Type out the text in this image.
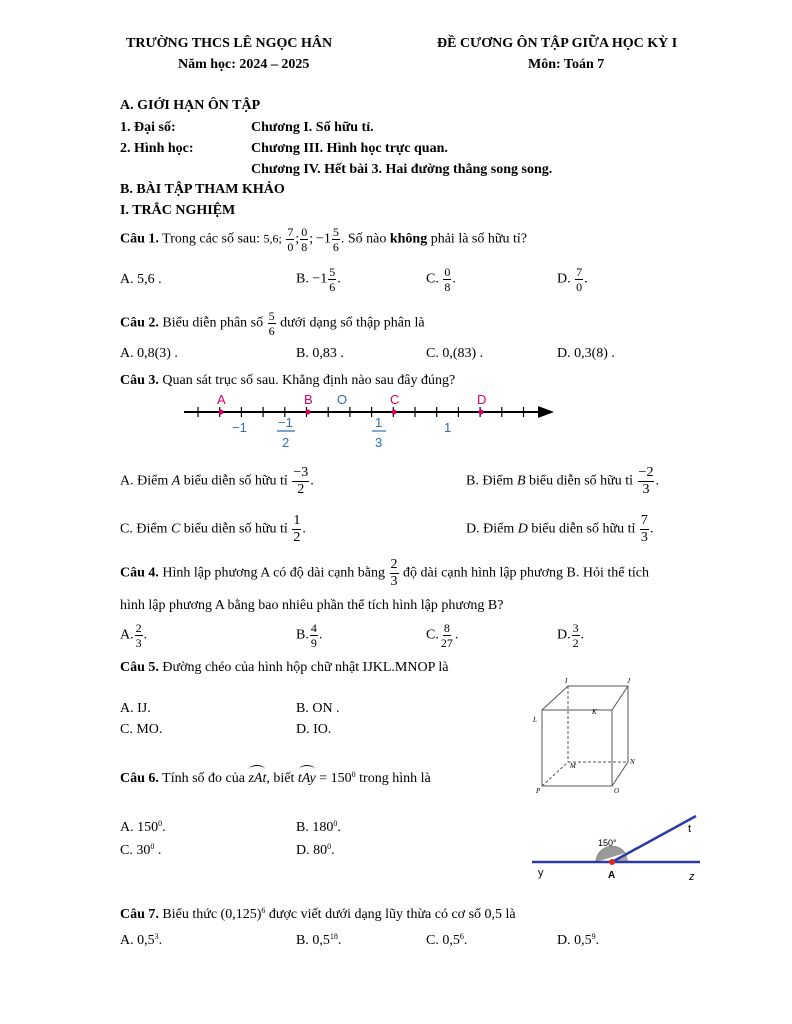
TRƯỜNG THCS LÊ NGỌC HÂN
Năm học: 2024 – 2025
ĐỀ CƯƠNG ÔN TẬP GIỮA HỌC KỲ I
Môn: Toán 7
A. GIỚI HẠN ÔN TẬP
1. Đại số:	Chương I. Số hữu tỉ.
2. Hình học:	Chương III. Hình học trực quan.
Chương IV. Hết bài 3. Hai đường thẳng song song.
B. BÀI TẬP THAM KHẢO
I. TRẮC NGHIỆM
Câu 1. Trong các số sau: 5,6; $\frac{7}{0}$ ; $\frac{0}{8}$ ; $-1 \frac{5}{6}$ . Số nào không phải là số hữu tỉ?
A. 5,6 .	B. $-1 \frac{5}{6}$ .	C. $\frac{0}{8}$ .	D. $\frac{7}{0}$ .
Câu 2. Biểu diễn phân số $\frac{5}{6}$ dưới dạng số thập phân là
A. 0,8(3) .	B. 0,83 .	C. 0,(83) .	D. 0,3(8) .
Câu 3. Quan sát trục số sau. Khẳng định nào sau đây đúng?
A	B O	C	D
−1 −1
2
1
3
1
A. Điểm A biểu diễn số hữu tỉ $\frac{-3}{2}$ .	B. Điểm B biểu diễn số hữu tỉ $\frac{-2}{3}$ .
C. Điểm C biểu diễn số hữu tỉ $\frac{1}{2}$ .	D. Điểm D biểu diễn số hữu tỉ $\frac{7}{3}$ .
Câu 4. Hình lập phương A có độ dài cạnh bằng $\frac{2}{3}$ độ dài cạnh hình lập phương B. Hỏi thể tích
hình lập phương A bằng bao nhiêu phần thể tích hình lập phương B?
A. $\frac{2}{3}$ .	B. $\frac{4}{9}$ .	C. $\frac{8}{27}$ .	D. $\frac{3}{2}$ .
Câu 5. Đường chéo của hình hộp chữ nhật IJKL.MNOP là
A. IJ.	B. ON .
C. MO.	D. IO.
I	J
K
L
M	N
P	O
Câu 6. Tính số đo của zAt, biết tAy = $150^0$ trong hình là
A. $150^0$.	B. $180^0$.
C. $30^0$ .	D. $80^0$.	150°
t
y	A	z
Câu 7. Biểu thức $(0,125)^6$ được viết dưới dạng lũy thừa có cơ số 0,5 là
A. $0,5^3$.	B. $0,5^{18}$.	C. $0,5^6$.	D. $0,5^9$.
